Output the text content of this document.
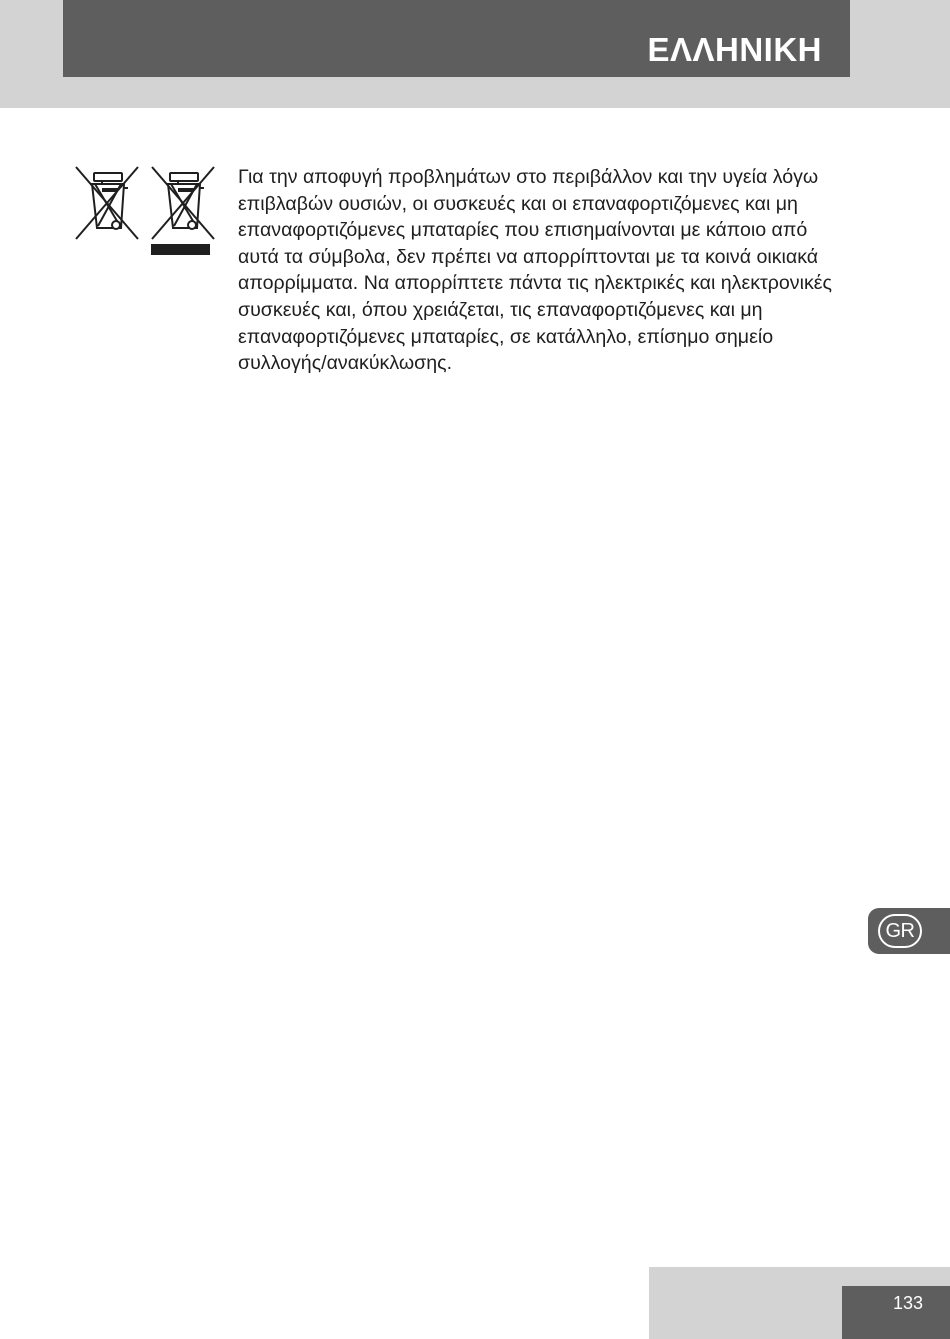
ΕΛΛΗΝΙΚΗ

Για την αποφυγή προβλημάτων στο περιβάλλον και την υγεία λόγω
επιβλαβών ουσιών, οι συσκευές και οι επαναφορτιζόμενες και μη
επαναφορτιζόμενες μπαταρίες που επισημαίνονται με κάποιο από
αυτά τα σύμβολα, δεν πρέπει να απορρίπτονται με τα κοινά οικιακά
απορρίμματα. Να απορρίπτετε πάντα τις ηλεκτρικές και ηλεκτρονικές
συσκευές και, όπου χρειάζεται, τις επαναφορτιζόμενες και μη
επαναφορτιζόμενες μπαταρίες, σε κατάλληλο, επίσημο σημείο
συλλογής/ανακύκλωσης.

GR
133
